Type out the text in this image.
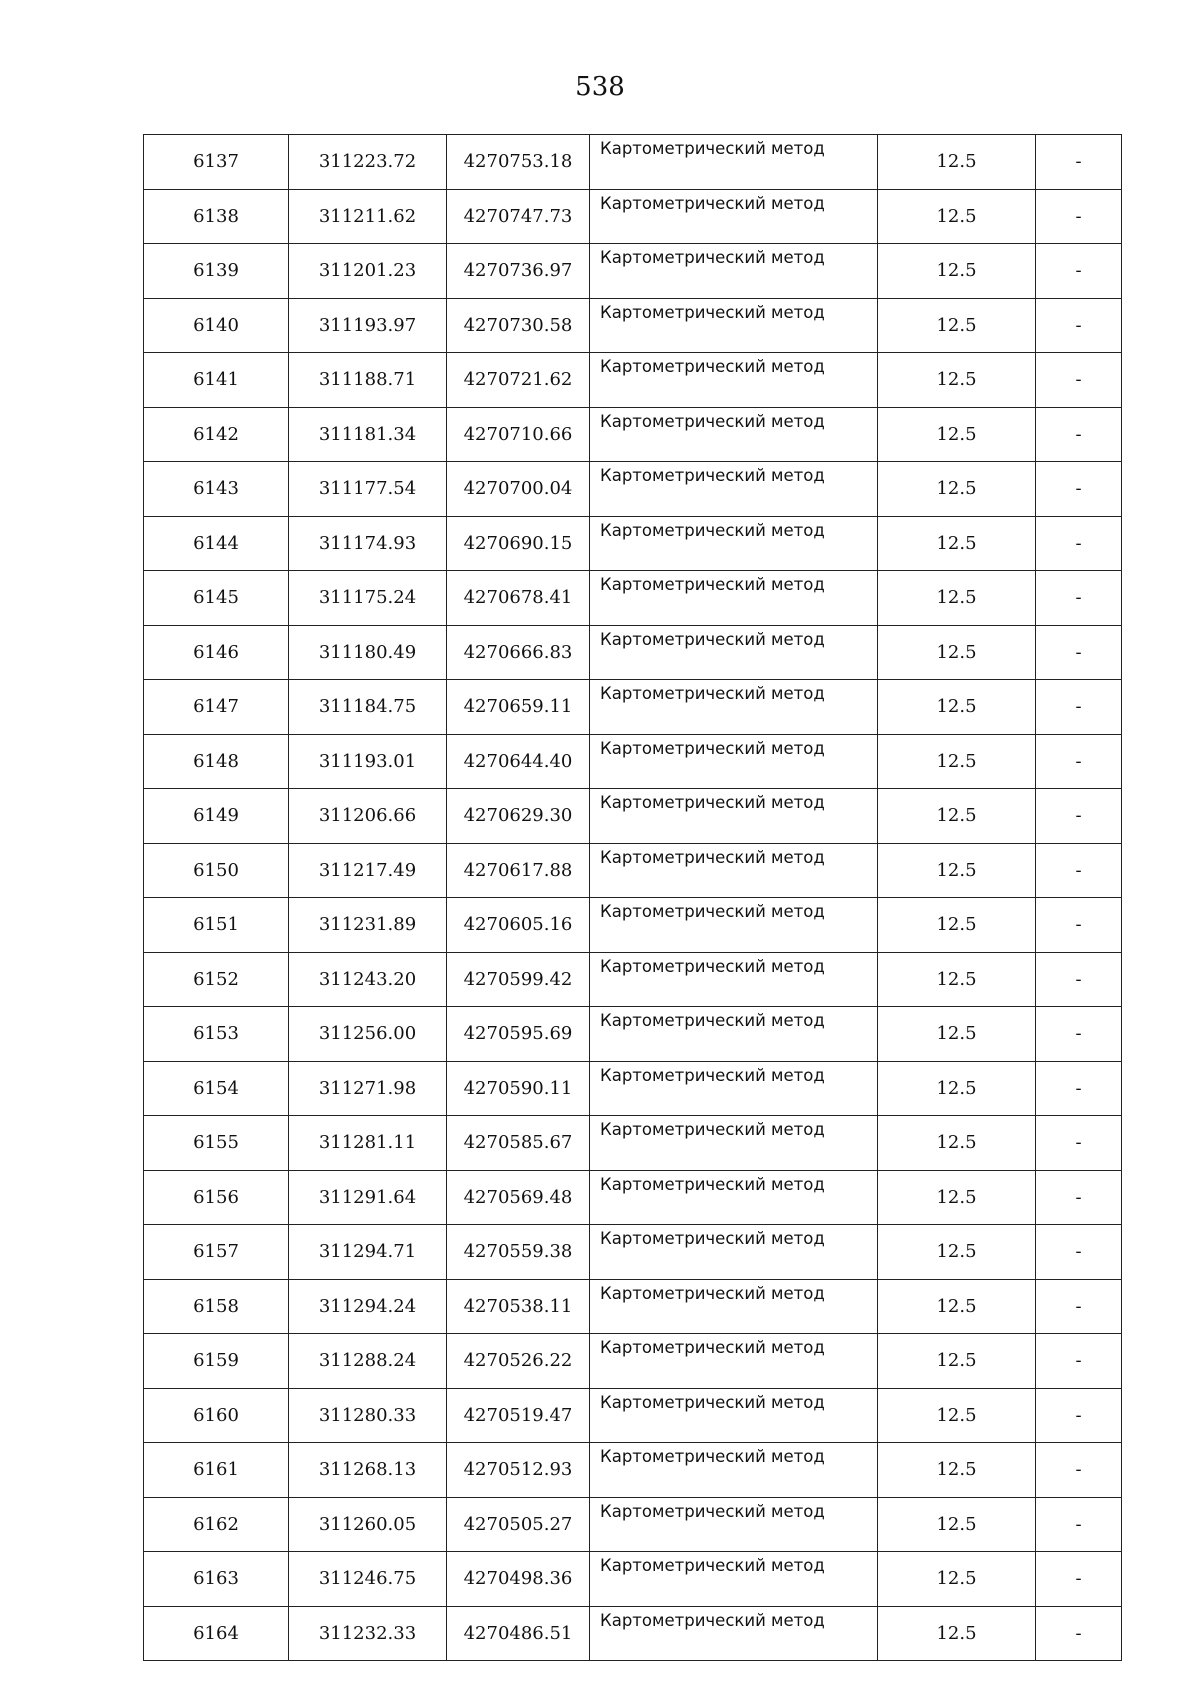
538
6137	311223.72	4270753.18	Картометрический метод	12.5	-
6138	311211.62	4270747.73	Картометрический метод	12.5	-
6139	311201.23	4270736.97	Картометрический метод	12.5	-
6140	311193.97	4270730.58	Картометрический метод	12.5	-
6141	311188.71	4270721.62	Картометрический метод	12.5	-
6142	311181.34	4270710.66	Картометрический метод	12.5	-
6143	311177.54	4270700.04	Картометрический метод	12.5	-
6144	311174.93	4270690.15	Картометрический метод	12.5	-
6145	311175.24	4270678.41	Картометрический метод	12.5	-
6146	311180.49	4270666.83	Картометрический метод	12.5	-
6147	311184.75	4270659.11	Картометрический метод	12.5	-
6148	311193.01	4270644.40	Картометрический метод	12.5	-
6149	311206.66	4270629.30	Картометрический метод	12.5	-
6150	311217.49	4270617.88	Картометрический метод	12.5	-
6151	311231.89	4270605.16	Картометрический метод	12.5	-
6152	311243.20	4270599.42	Картометрический метод	12.5	-
6153	311256.00	4270595.69	Картометрический метод	12.5	-
6154	311271.98	4270590.11	Картометрический метод	12.5	-
6155	311281.11	4270585.67	Картометрический метод	12.5	-
6156	311291.64	4270569.48	Картометрический метод	12.5	-
6157	311294.71	4270559.38	Картометрический метод	12.5	-
6158	311294.24	4270538.11	Картометрический метод	12.5	-
6159	311288.24	4270526.22	Картометрический метод	12.5	-
6160	311280.33	4270519.47	Картометрический метод	12.5	-
6161	311268.13	4270512.93	Картометрический метод	12.5	-
6162	311260.05	4270505.27	Картометрический метод	12.5	-
6163	311246.75	4270498.36	Картометрический метод	12.5	-
6164	311232.33	4270486.51	Картометрический метод	12.5	-
